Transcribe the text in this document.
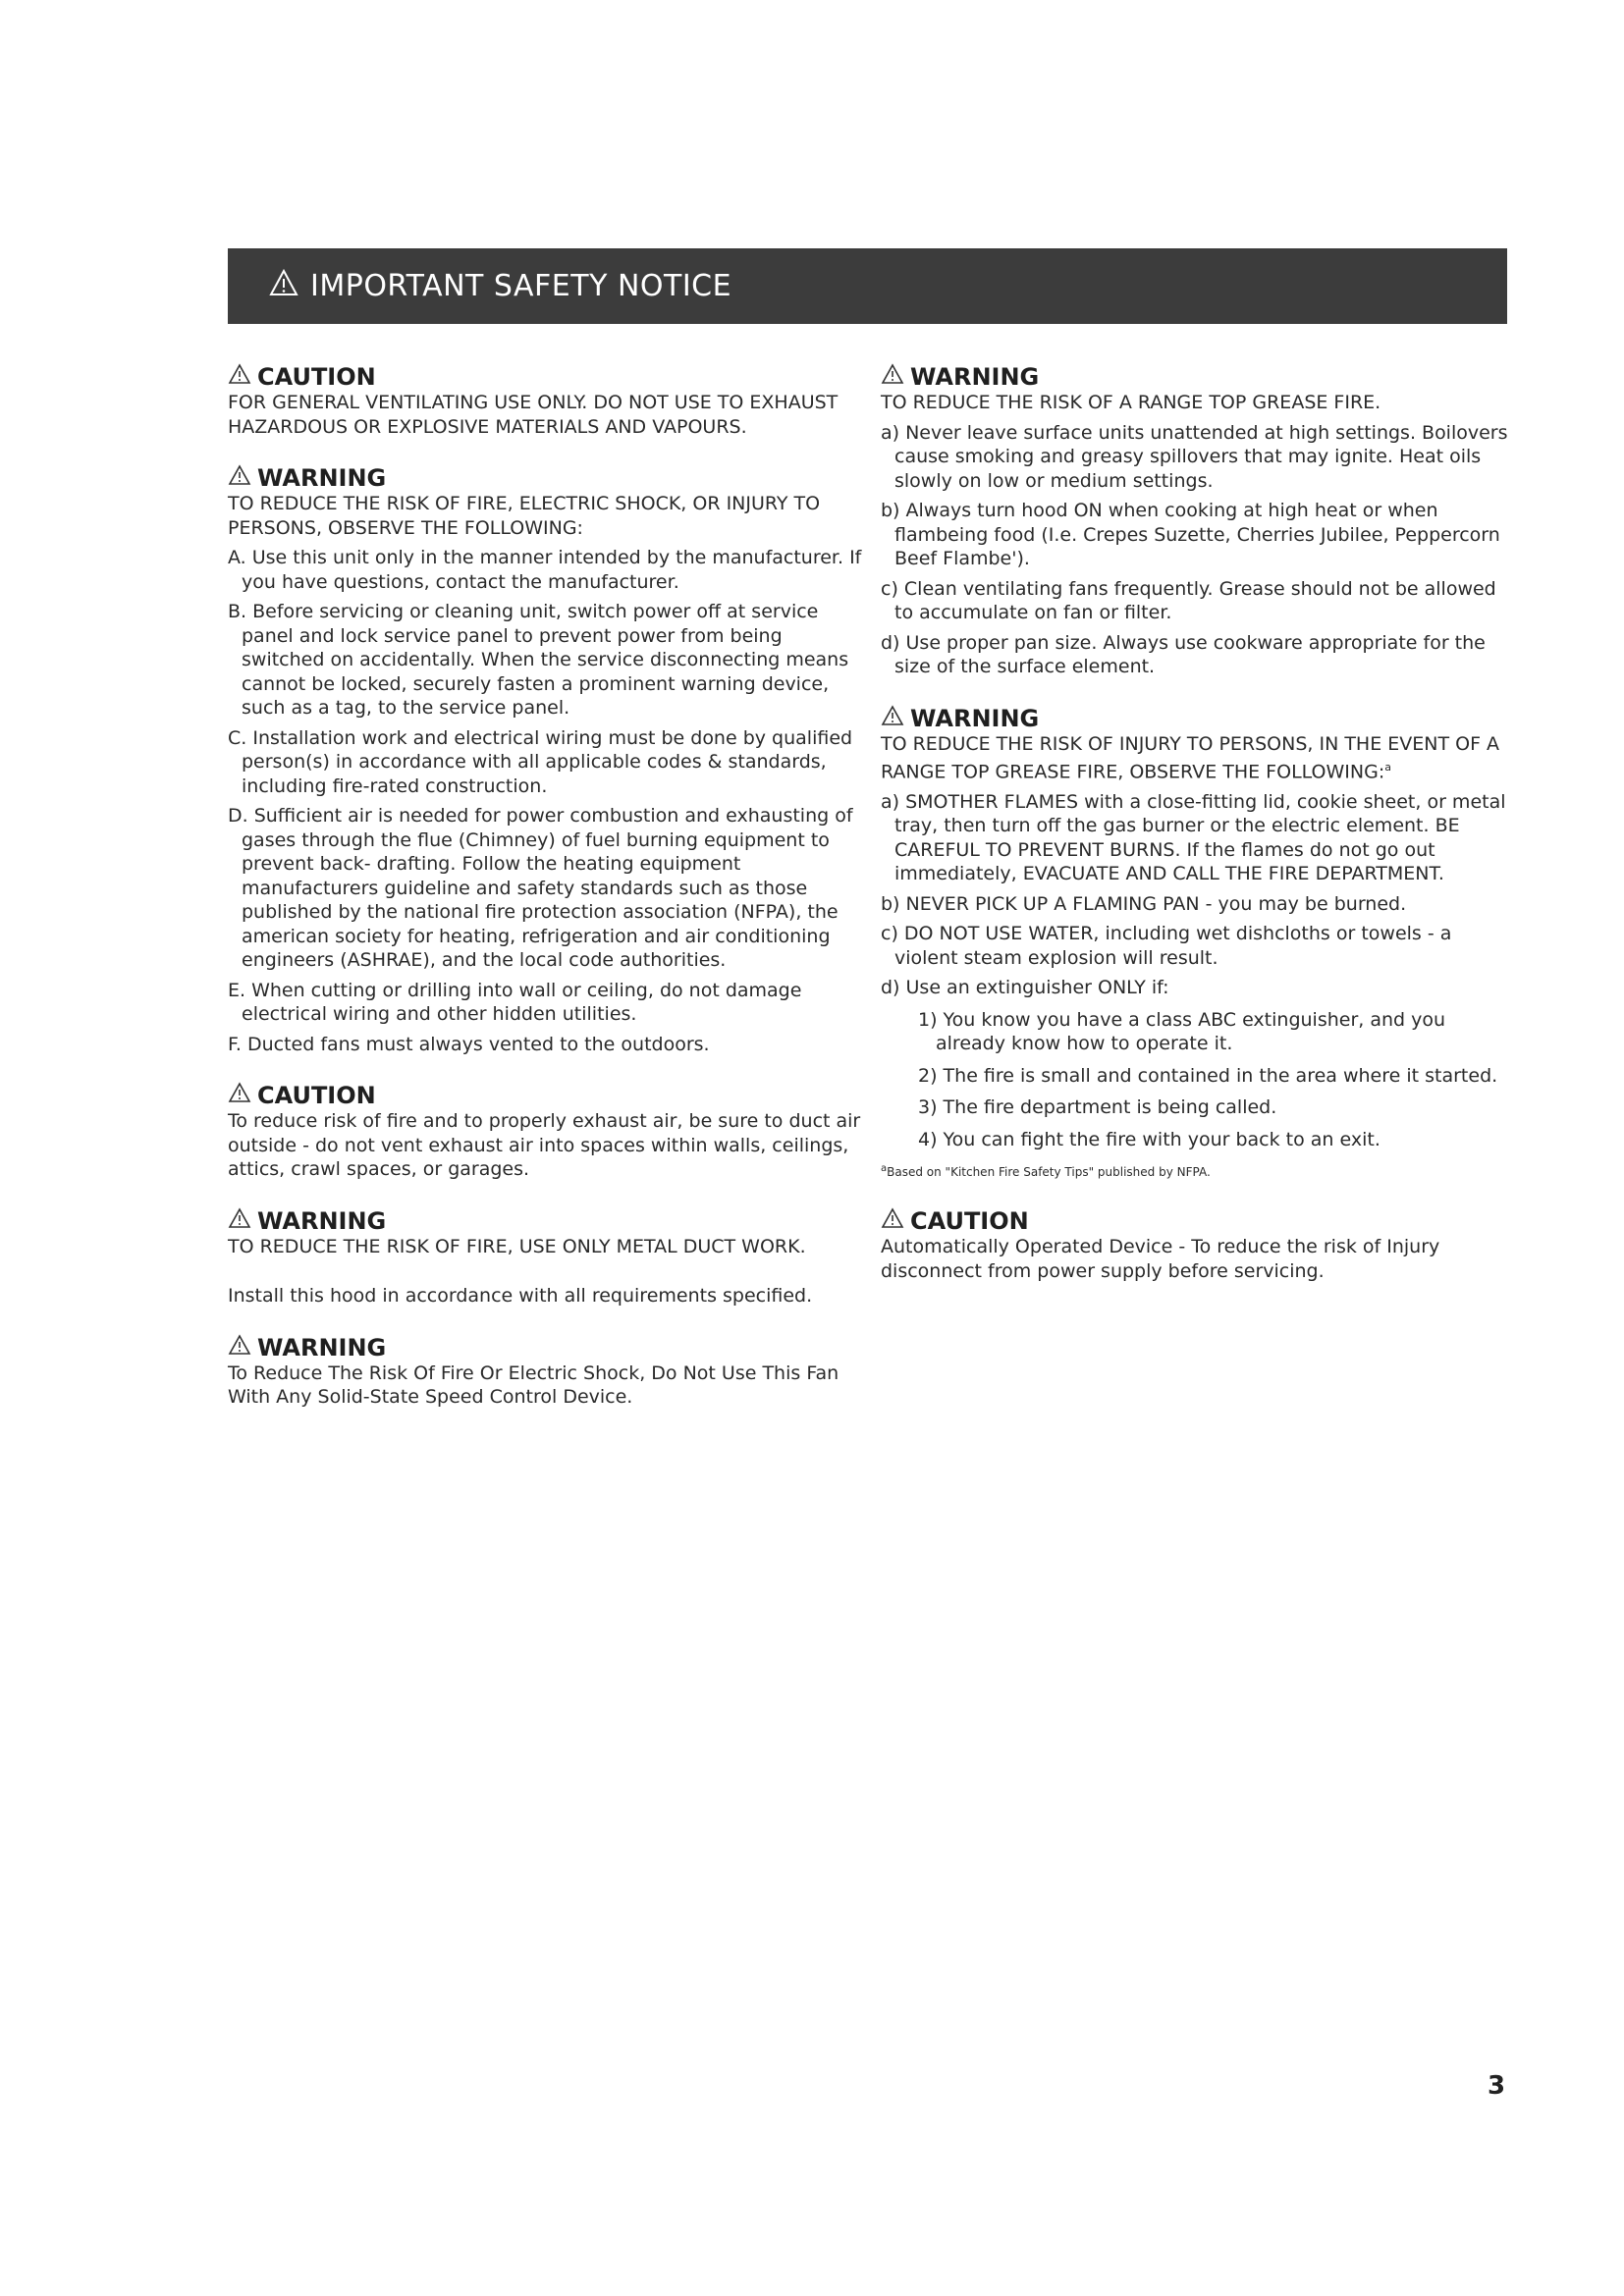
IMPORTANT SAFETY NOTICE
CAUTION

FOR GENERAL VENTILATING USE ONLY. DO NOT USE TO EXHAUST HAZARDOUS OR EXPLOSIVE MATERIALS AND VAPOURS.

WARNING

TO REDUCE THE RISK OF FIRE, ELECTRIC SHOCK, OR INJURY TO PERSONS, OBSERVE THE FOLLOWING:

A. Use this unit only in the manner intended by the manufacturer. If you have questions, contact the manufacturer.
B. Before servicing or cleaning unit, switch power off at service panel and lock service panel to prevent power from being switched on accidentally. When the service disconnecting means cannot be locked, securely fasten a prominent warning device, such as a tag, to the service panel.
C. Installation work and electrical wiring must be done by qualified person(s) in accordance with all applicable codes & standards, including fire-rated construction.
D. Sufficient air is needed for power combustion and exhausting of gases through the flue (Chimney) of fuel burning equipment to prevent back- drafting. Follow the heating equipment manufacturers guideline and safety standards such as those published by the national fire protection association (NFPA), the american society for heating, refrigeration and air conditioning engineers (ASHRAE), and the local code authorities.
E. When cutting or drilling into wall or ceiling, do not damage electrical wiring and other hidden utilities.
F. Ducted fans must always vented to the outdoors.
CAUTION

To reduce risk of fire and to properly exhaust air, be sure to duct air outside - do not vent exhaust air into spaces within walls, ceilings, attics, crawl spaces, or garages.

WARNING

TO REDUCE THE RISK OF FIRE, USE ONLY METAL DUCT WORK.

Install this hood in accordance with all requirements specified.

WARNING

To Reduce The Risk Of Fire Or Electric Shock, Do Not Use This Fan With Any Solid-State Speed Control Device.

WARNING

TO REDUCE THE RISK OF A RANGE TOP GREASE FIRE.

a) Never leave surface units unattended at high settings. Boilovers cause smoking and greasy spillovers that may ignite. Heat oils slowly on low or medium settings.
b) Always turn hood ON when cooking at high heat or when flambeing food (I.e. Crepes Suzette, Cherries Jubilee, Peppercorn Beef Flambe').
c) Clean ventilating fans frequently. Grease should not be allowed to accumulate on fan or filter.
d) Use proper pan size. Always use cookware appropriate for the size of the surface element.
WARNING

TO REDUCE THE RISK OF INJURY TO PERSONS, IN THE EVENT OF A RANGE TOP GREASE FIRE, OBSERVE THE FOLLOWING:$^a$

a) SMOTHER FLAMES with a close-fitting lid, cookie sheet, or metal tray, then turn off the gas burner or the electric element. BE CAREFUL TO PREVENT BURNS. If the flames do not go out immediately, EVACUATE AND CALL THE FIRE DEPARTMENT.
b) NEVER PICK UP A FLAMING PAN - you may be burned.
c) DO NOT USE WATER, including wet dishcloths or towels - a violent steam explosion will result.
d) Use an extinguisher ONLY if:
1) You know you have a class ABC extinguisher, and you already know how to operate it.
2) The fire is small and contained in the area where it started.
3) The fire department is being called.
4) You can fight the fire with your back to an exit.
$^a$Based on "Kitchen Fire Safety Tips" published by NFPA.
CAUTION

Automatically Operated Device - To reduce the risk of Injury disconnect from power supply before servicing.

3
